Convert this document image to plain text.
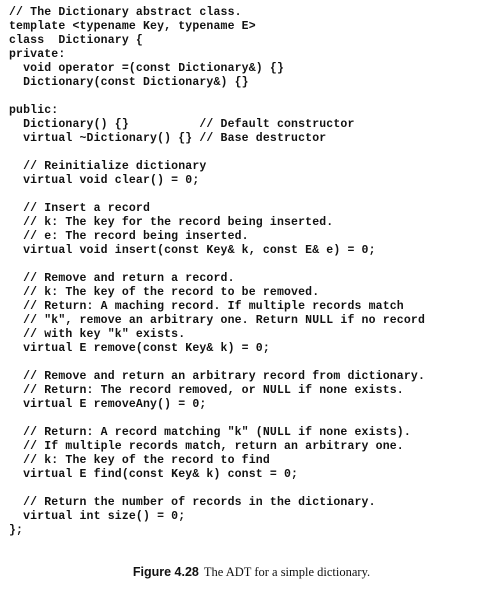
// The Dictionary abstract class.
template <typename Key, typename E>
class  Dictionary {
private:
void operator =(const Dictionary&) {}
Dictionary(const Dictionary&) {}
public:
Dictionary() {}          // Default constructor
virtual ~Dictionary() {} // Base destructor
// Reinitialize dictionary
virtual void clear() = 0;
// Insert a record
// k: The key for the record being inserted.
// e: The record being inserted.
virtual void insert(const Key& k, const E& e) = 0;
// Remove and return a record.
// k: The key of the record to be removed.
// Return: A maching record. If multiple records match
// "k", remove an arbitrary one. Return NULL if no record
// with key "k" exists.
virtual E remove(const Key& k) = 0;
// Remove and return an arbitrary record from dictionary.
// Return: The record removed, or NULL if none exists.
virtual E removeAny() = 0;
// Return: A record matching "k" (NULL if none exists).
// If multiple records match, return an arbitrary one.
// k: The key of the record to find
virtual E find(const Key& k) const = 0;
// Return the number of records in the dictionary.
virtual int size() = 0;
};
Figure 4.28 The ADT for a simple dictionary.
